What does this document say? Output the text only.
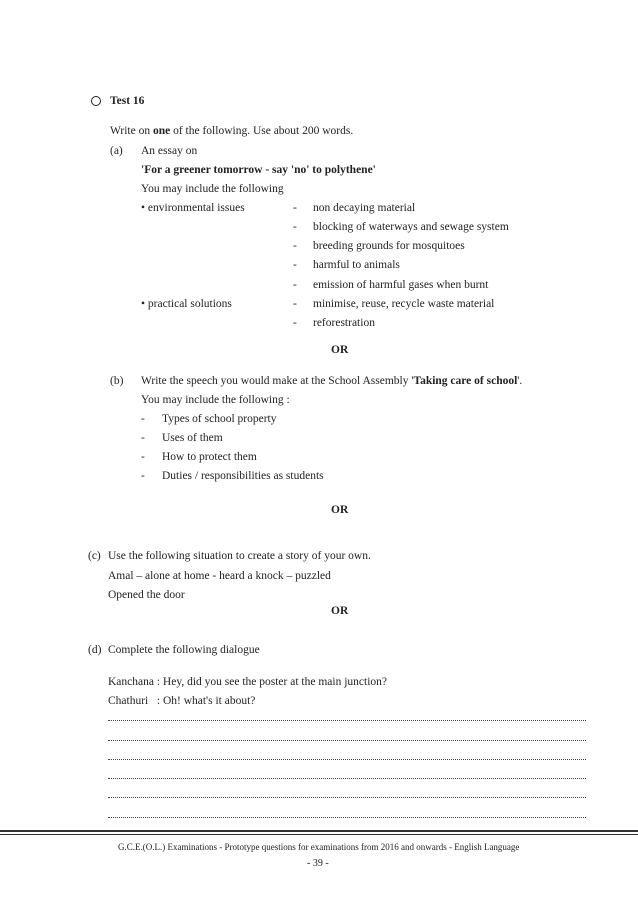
Test 16
Write on one of the following. Use about 200 words.
(a) An essay on
'For a greener tomorrow - say 'no' to polythene'
You may include the following
• environmental issues
• practical solutions
- non decaying material
- blocking of waterways and sewage system
- breeding grounds for mosquitoes
- harmful to animals
- emission of harmful gases when burnt
- minimise, reuse, recycle waste material
- reforestration
OR
(b) Write the speech you would make at the School Assembly 'Taking care of school'.
You may include the following :
- Types of school property
- Uses of them
- How to protect them
- Duties / responsibilities as students
OR
(c) Use the following situation to create a story of your own.
Amal – alone at home - heard a knock – puzzled
Opened the door
OR
(d) Complete the following dialogue
Kanchana : Hey, did you see the poster at the main junction?
Chathuri   : Oh! what's it about?
G.C.E.(O.L.) Examinations - Prototype questions for examinations from 2016 and onwards - English Language
- 39 -
